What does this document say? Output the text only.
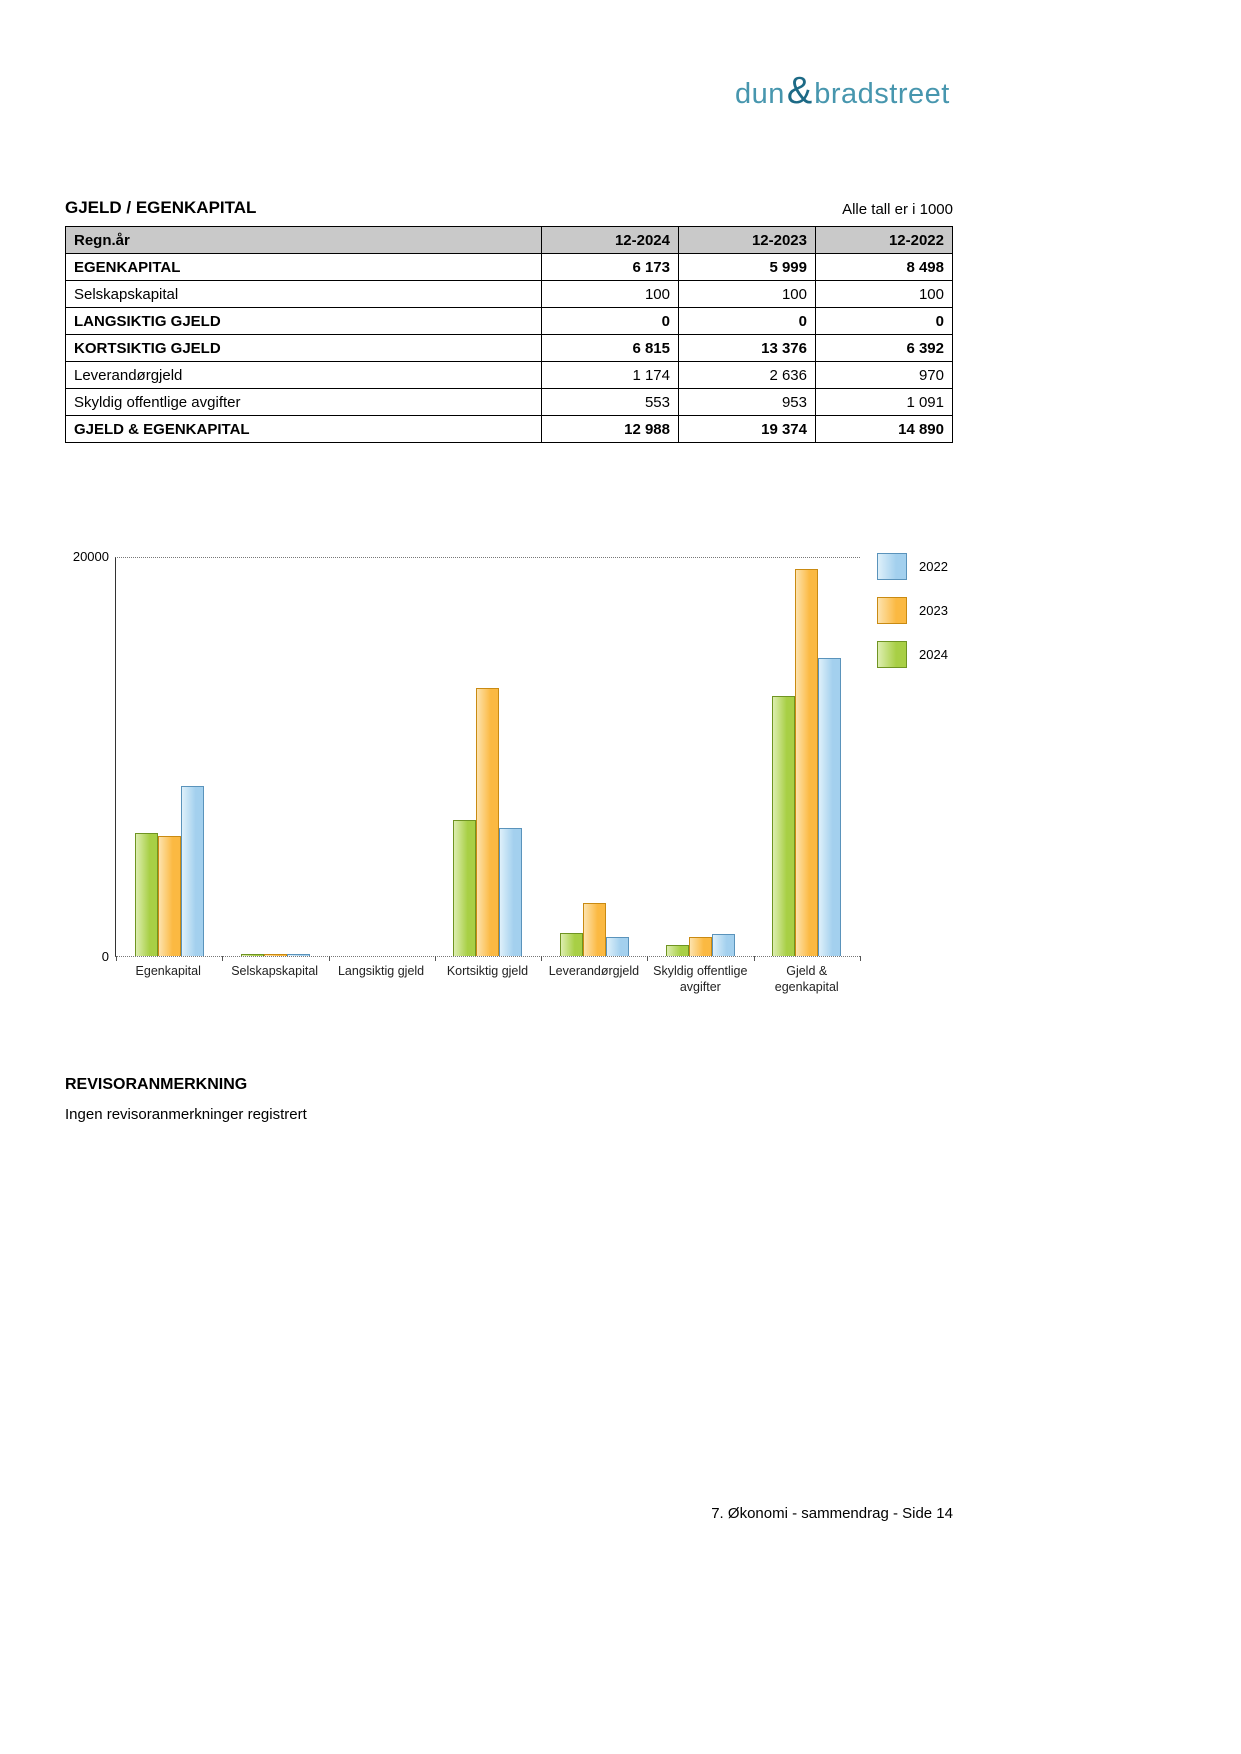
dun & bradstreet
GJELD / EGENKAPITAL	Alle tall er i 1000
Regn.år	12-2024	12-2023	12-2022
EGENKAPITAL	6 173	5 999	8 498
Selskapskapital	100	100	100
LANGSIKTIG GJELD	0	0	0
KORTSIKTIG GJELD	6 815	13 376	6 392
Leverandørgjeld	1 174	2 636	970
Skyldig offentlige avgifter	553	953	1 091
GJELD & EGENKAPITAL	12 988	19 374	14 890
20000
0
Egenkapital	Selskapskapital	Langsiktig gjeld	Kortsiktig gjeld	Leverandørgjeld	Skyldig offentlige avgifter
Gjeld & egenkapital
2022
2023
2024
REVISORANMERKNING
Ingen revisoranmerkninger registrert
7. Økonomi - sammendrag - Side 14
